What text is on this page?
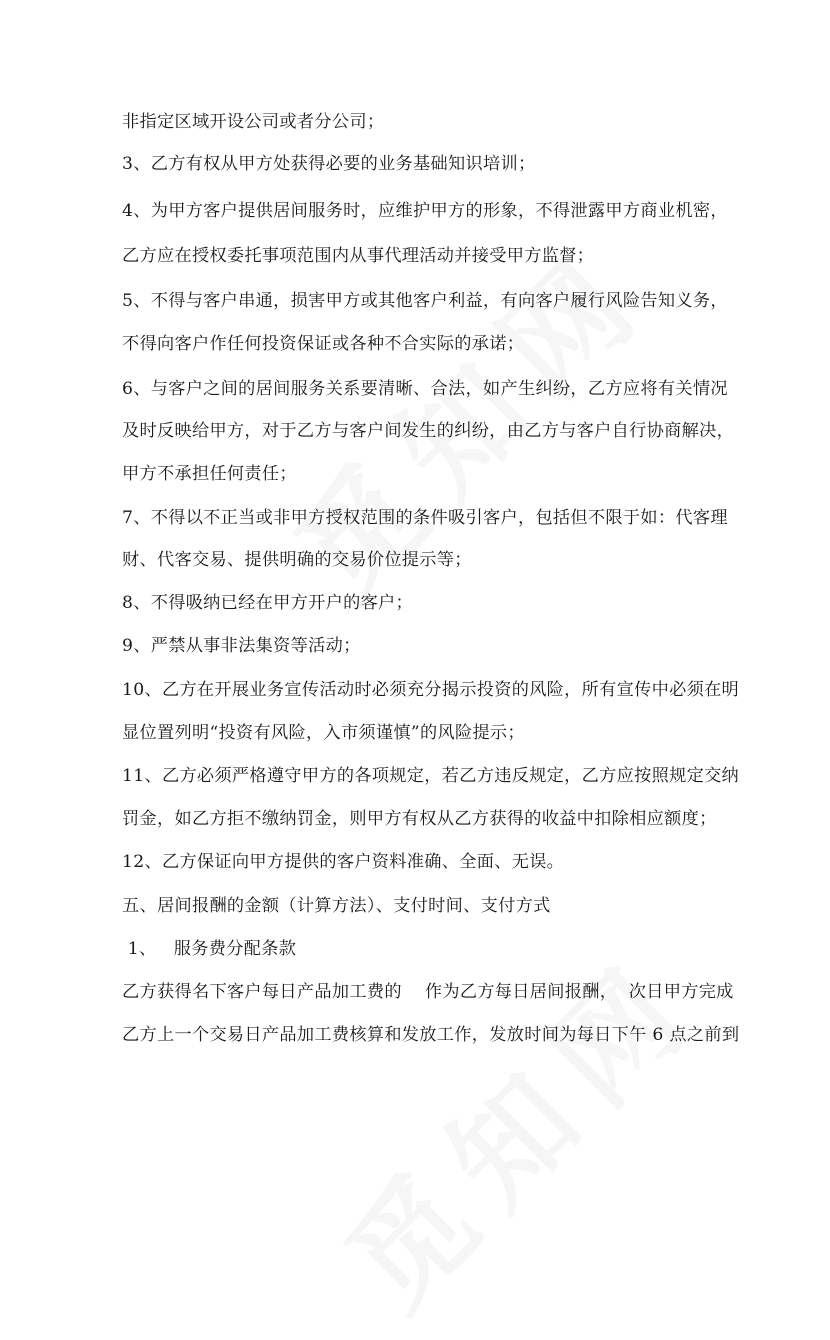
非指定区域开设公司或者分公司；
3、乙方有权从甲方处获得必要的业务基础知识培训；
4、为甲方客户提供居间服务时，应维护甲方的形象，不得泄露甲方商业机密，
乙方应在授权委托事项范围内从事代理活动并接受甲方监督；
5、不得与客户串通，损害甲方或其他客户利益，有向客户履行风险告知义务，
不得向客户作任何投资保证或各种不合实际的承诺；
6、与客户之间的居间服务关系要清晰、合法，如产生纠纷，乙方应将有关情况
及时反映给甲方，对于乙方与客户间发生的纠纷，由乙方与客户自行协商解决，
甲方不承担任何责任；
7、不得以不正当或非甲方授权范围的条件吸引客户，包括但不限于如：代客理
财、代客交易、提供明确的交易价位提示等；
8、不得吸纳已经在甲方开户的客户；
9、严禁从事非法集资等活动；
10、乙方在开展业务宣传活动时必须充分揭示投资的风险，所有宣传中必须在明
显位置列明“投资有风险，入市须谨慎”的风险提示；
11、乙方必须严格遵守甲方的各项规定，若乙方违反规定，乙方应按照规定交纳
罚金，如乙方拒不缴纳罚金，则甲方有权从乙方获得的收益中扣除相应额度；
12、乙方保证向甲方提供的客户资料准确、全面、无误。
五、居间报酬的金额（计算方法）、支付时间、支付方式
1、   服务费分配条款
乙方获得名下客户每日产品加工费的    作为乙方每日居间报酬，  次日甲方完成
乙方上一个交易日产品加工费核算和发放工作，发放时间为每日下午 6 点之前到
